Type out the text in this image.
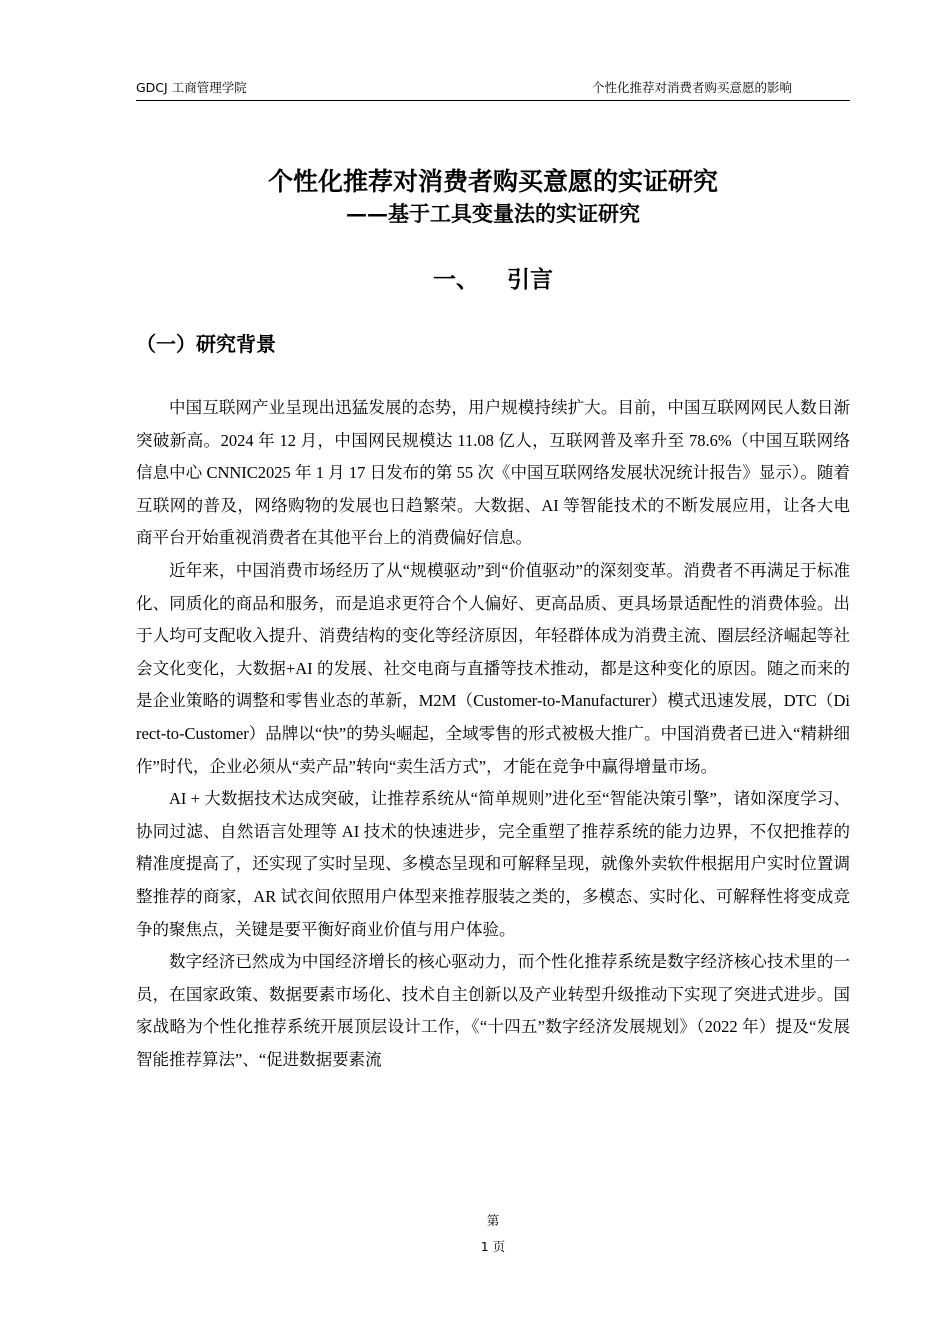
GDCJ 工商管理学院	个性化推荐对消费者购买意愿的影响
个性化推荐对消费者购买意愿的实证研究
——基于工具变量法的实证研究
一、 引言
（一）研究背景

中国互联网产业呈现出迅猛发展的态势，用户规模持续扩大。目前，中国互联网网民人数日渐突破新高。2024 年 12 月，中国网民规模达 11.08 亿人，互联网普及率升至 78.6%（中国互联网络信息中心 CNNIC2025 年 1 月 17 日发布的第 55 次《中国互联网络发展状况统计报告》显示）。随着互联网的普及，网络购物的发展也日趋繁荣。大数据、AI 等智能技术的不断发展应用，让各大电商平台开始重视消费者在其他平台上的消费偏好信息。

近年来，中国消费市场经历了从“规模驱动”到“价值驱动”的深刻变革。消费者不再满足于标准化、同质化的商品和服务，而是追求更符合个人偏好、更高品质、更具场景适配性的消费体验。出于人均可支配收入提升、消费结构的变化等经济原因，年轻群体成为消费主流、圈层经济崛起等社会文化变化，大数据+AI 的发展、社交电商与直播等技术推动，都是这种变化的原因。随之而来的是企业策略的调整和零售业态的革新，M2M（Customer-to-Manufacturer）模式迅速发展，DTC（Direct-to-Customer）品牌以“快”的势头崛起，全域零售的形式被极大推广。中国消费者已进入“精耕细作”时代，企业必须从“卖产品”转向“卖生活方式”，才能在竞争中赢得增量市场。

AI + 大数据技术达成突破，让推荐系统从“简单规则”进化至“智能决策引擎”，诸如深度学习、协同过滤、自然语言处理等 AI 技术的快速进步，完全重塑了推荐系统的能力边界，不仅把推荐的精准度提高了，还实现了实时呈现、多模态呈现和可解释呈现，就像外卖软件根据用户实时位置调整推荐的商家，AR 试衣间依照用户体型来推荐服装之类的，多模态、实时化、可解释性将变成竞争的聚焦点，关键是要平衡好商业价值与用户体验。

数字经济已然成为中国经济增长的核心驱动力，而个性化推荐系统是数字经济核心技术里的一员，在国家政策、数据要素市场化、技术自主创新以及产业转型升级推动下实现了突进式进步。国家战略为个性化推荐系统开展顶层设计工作，《“十四五”数字经济发展规划》（2022 年）提及“发展智能推荐算法”、“促进数据要素流

第
1 页
